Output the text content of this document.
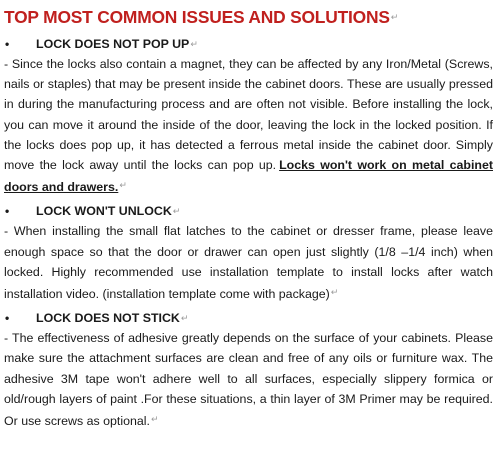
TOP MOST COMMON ISSUES AND SOLUTIONS↵
•	LOCK DOES NOT POP UP ↵
- Since the locks also contain a magnet, they can be affected by any Iron/Metal (Screws, nails or staples) that may be present inside the cabinet doors. These are usually pressed in during the manufacturing process and are often not visible. Before installing the lock, you can move it around the inside of the door, leaving the lock in the locked position. If the locks does pop up, it has detected a ferrous metal inside the cabinet door. Simply move the lock away until the locks can pop up. Locks won't work on metal cabinet doors and drawers.↵
•	LOCK WON'T UNLOCK ↵
- When installing the small flat latches to the cabinet or dresser frame, please leave enough space so that the door or drawer can open just slightly (1/8 –1/4 inch) when locked. Highly recommended use installation template to install locks after watch installation video. (installation template come with package)↵
•	LOCK DOES NOT STICK ↵
- The effectiveness of adhesive greatly depends on the surface of your cabinets. Please make sure the attachment surfaces are clean and free of any oils or furniture wax. The adhesive 3M tape won't adhere well to all surfaces, especially slippery formica or old/rough layers of paint .For these situations, a thin layer of 3M Primer may be required. Or use screws as optional.↵
